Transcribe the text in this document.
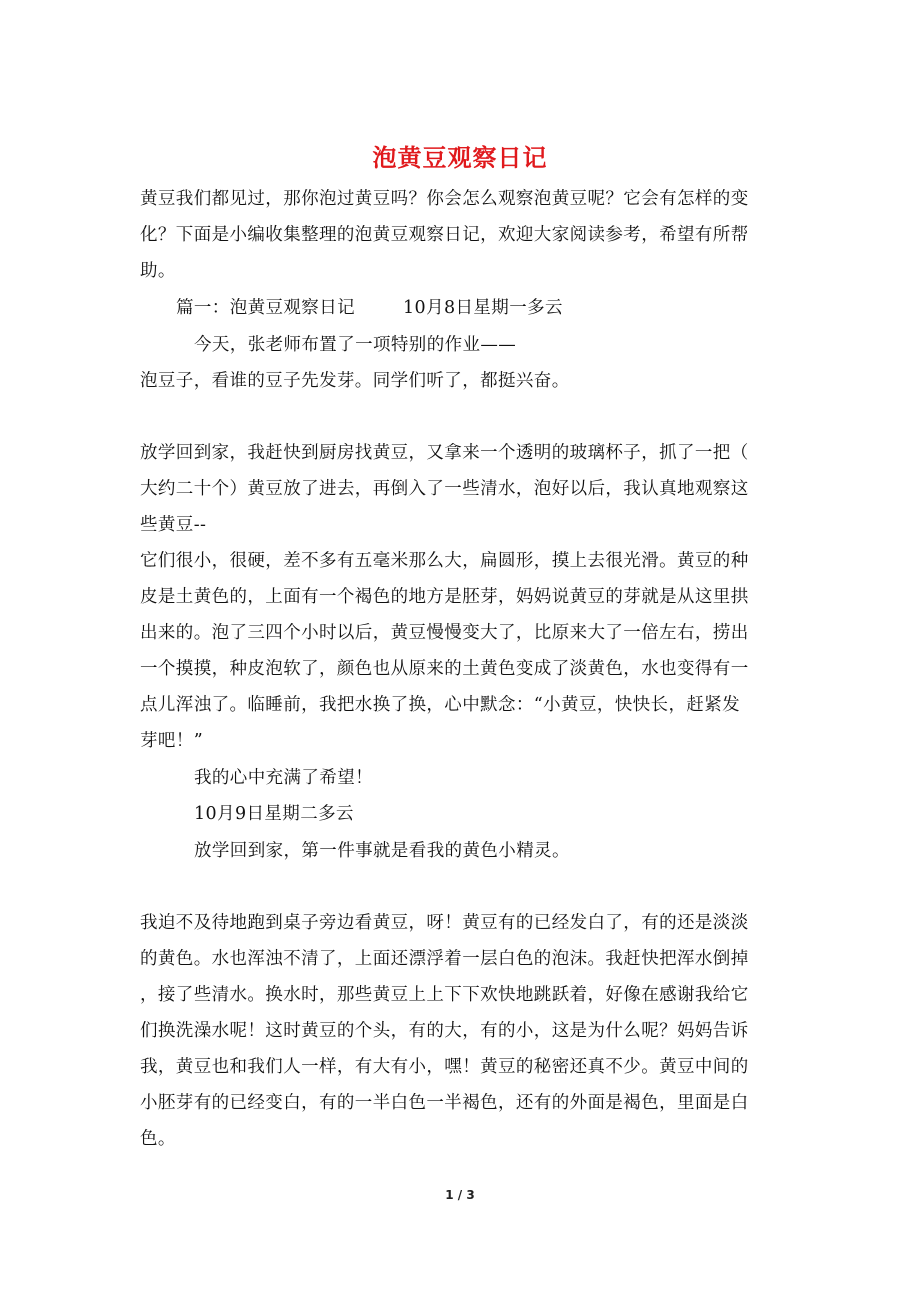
泡黄豆观察日记
黄豆我们都见过，那你泡过黄豆吗？你会怎么观察泡黄豆呢？它会有怎样的变
化？下面是小编收集整理的泡黄豆观察日记，欢迎大家阅读参考，希望有所帮
助。
篇一：泡黄豆观察日记	10月8日星期一多云
今天，张老师布置了一项特别的作业——
泡豆子，看谁的豆子先发芽。同学们听了，都挺兴奋。
放学回到家，我赶快到厨房找黄豆，又拿来一个透明的玻璃杯子，抓了一把（
大约二十个）黄豆放了进去，再倒入了一些清水，泡好以后，我认真地观察这
些黄豆--
它们很小，很硬，差不多有五毫米那么大，扁圆形，摸上去很光滑。黄豆的种
皮是土黄色的，上面有一个褐色的地方是胚芽，妈妈说黄豆的芽就是从这里拱
出来的。泡了三四个小时以后，黄豆慢慢变大了，比原来大了一倍左右，捞出
一个摸摸，种皮泡软了，颜色也从原来的土黄色变成了淡黄色，水也变得有一
点儿浑浊了。临睡前，我把水换了换，心中默念：“小黄豆，快快长，赶紧发
芽吧！”
我的心中充满了希望！
10月9日星期二多云
放学回到家，第一件事就是看我的黄色小精灵。
我迫不及待地跑到桌子旁边看黄豆，呀！黄豆有的已经发白了，有的还是淡淡
的黄色。水也浑浊不清了，上面还漂浮着一层白色的泡沫。我赶快把浑水倒掉
，接了些清水。换水时，那些黄豆上上下下欢快地跳跃着，好像在感谢我给它
们换洗澡水呢！这时黄豆的个头，有的大，有的小，这是为什么呢？妈妈告诉
我，黄豆也和我们人一样，有大有小，嘿！黄豆的秘密还真不少。黄豆中间的
小胚芽有的已经变白，有的一半白色一半褐色，还有的外面是褐色，里面是白
色。
1 / 3
